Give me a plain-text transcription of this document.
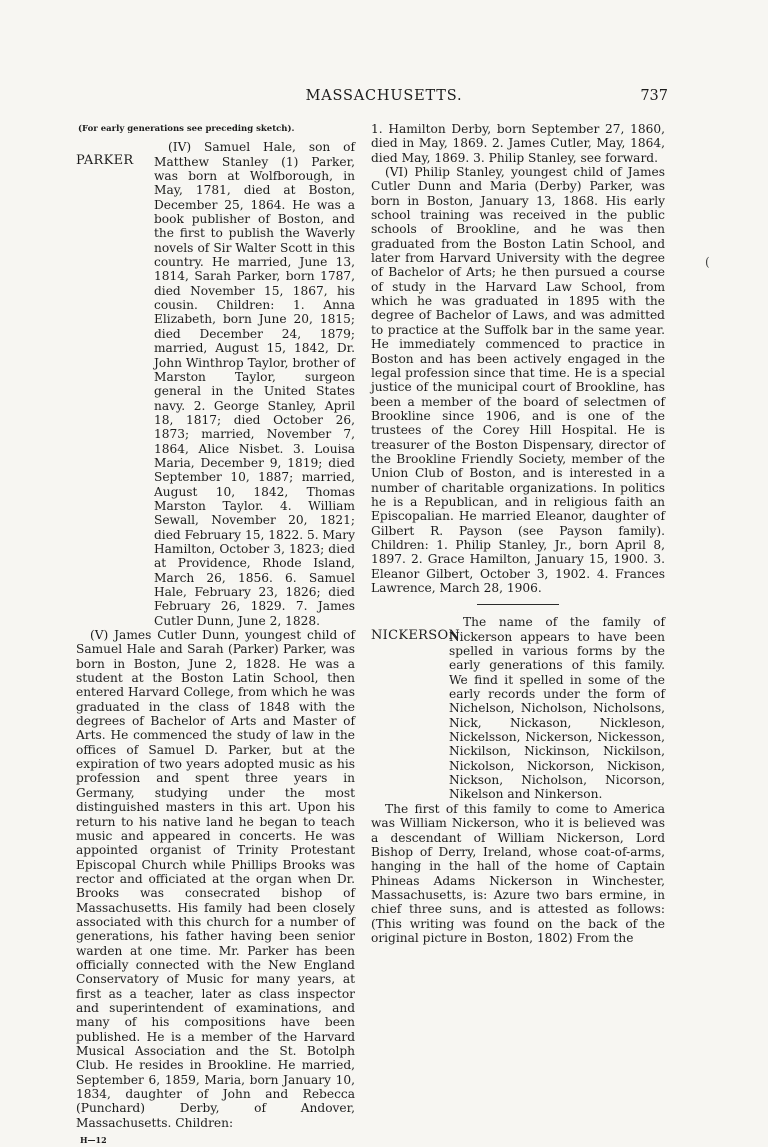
MASSACHUSETTS.	737

(For early generations see preceding sketch).

PARKER

(IV) Samuel Hale, son of Matthew Stanley (1) Parker, was born at Wolfborough, in May, 1781, died at Boston, December 25, 1864. He was a book publisher of Boston, and the first to publish the Waverly novels of Sir Walter Scott in this country. He married, June 13, 1814, Sarah Parker, born 1787, died November 15, 1867, his cousin. Children: 1. Anna Elizabeth, born June 20, 1815; died December 24, 1879; married, August 15, 1842, Dr. John Winthrop Taylor, brother of Marston Taylor, surgeon general in the United States navy. 2. George Stanley, April 18, 1817; died October 26, 1873; married, November 7, 1864, Alice Nisbet. 3. Louisa Maria, December 9, 1819; died September 10, 1887; married, August 10, 1842, Thomas Marston Taylor. 4. William Sewall, November 20, 1821; died February 15, 1822. 5. Mary Hamilton, October 3, 1823; died at Providence, Rhode Island, March 26, 1856. 6. Samuel Hale, February 23, 1826; died February 26, 1829. 7. James Cutler Dunn, June 2, 1828.

(V) James Cutler Dunn, youngest child of Samuel Hale and Sarah (Parker) Parker, was born in Boston, June 2, 1828. He was a student at the Boston Latin School, then entered Harvard College, from which he was graduated in the class of 1848 with the degrees of Bachelor of Arts and Master of Arts. He commenced the study of law in the offices of Samuel D. Parker, but at the expiration of two years adopted music as his profession and spent three years in Germany, studying under the most distinguished masters in this art. Upon his return to his native land he began to teach music and appeared in concerts. He was appointed organist of Trinity Protestant Episcopal Church while Phillips Brooks was rector and officiated at the organ when Dr. Brooks was consecrated bishop of Massachusetts. His family had been closely associated with this church for a number of generations, his father having been senior warden at one time. Mr. Parker has been officially connected with the New England Conservatory of Music for many years, at first as a teacher, later as class inspector and superintendent of examinations, and many of his compositions have been published. He is a member of the Harvard Musical Association and the St. Botolph Club. He resides in Brookline. He married, September 6, 1859, Maria, born January 10, 1834, daughter of John and Rebecca (Punchard) Derby, of Andover, Massachusetts. Children:

H—12

1. Hamilton Derby, born September 27, 1860, died in May, 1869. 2. James Cutler, May, 1864, died May, 1869. 3. Philip Stanley, see forward.

(VI) Philip Stanley, youngest child of James Cutler Dunn and Maria (Derby) Parker, was born in Boston, January 13, 1868. His early school training was received in the public schools of Brookline, and he was then graduated from the Boston Latin School, and later from Harvard University with the degree of Bachelor of Arts; he then pursued a course of study in the Harvard Law School, from which he was graduated in 1895 with the degree of Bachelor of Laws, and was admitted to practice at the Suffolk bar in the same year. He immediately commenced to practice in Boston and has been actively engaged in the legal profession since that time. He is a special justice of the municipal court of Brookline, has been a member of the board of selectmen of Brookline since 1906, and is one of the trustees of the Corey Hill Hospital. He is treasurer of the Boston Dispensary, director of the Brookline Friendly Society, member of the Union Club of Boston, and is interested in a number of charitable organizations. In politics he is a Republican, and in religious faith an Episcopalian. He married Eleanor, daughter of Gilbert R. Payson (see Payson family). Children: 1. Philip Stanley, Jr., born April 8, 1897. 2. Grace Hamilton, January 15, 1900. 3. Eleanor Gilbert, October 3, 1902. 4. Frances Lawrence, March 28, 1906.

NICKERSON

The name of the family of Nickerson appears to have been spelled in various forms by the early generations of this family. We find it spelled in some of the early records under the form of Nichelson, Nicholson, Nicholsons, Nick, Nickason, Nickleson, Nickelsson, Nickerson, Nickesson, Nickilson, Nickinson, Nickilson, Nickolson, Nickorson, Nickison, Nickson, Nicholson, Nicorson, Nikelson and Ninkerson.

The first of this family to come to America was William Nickerson, who it is believed was a descendant of William Nickerson, Lord Bishop of Derry, Ireland, whose coat-of-arms, hanging in the hall of the home of Captain Phineas Adams Nickerson in Winchester, Massachusetts, is: Azure two bars ermine, in chief three suns, and is attested as follows: (This writing was found on the back of the original picture in Boston, 1802) From the

(
